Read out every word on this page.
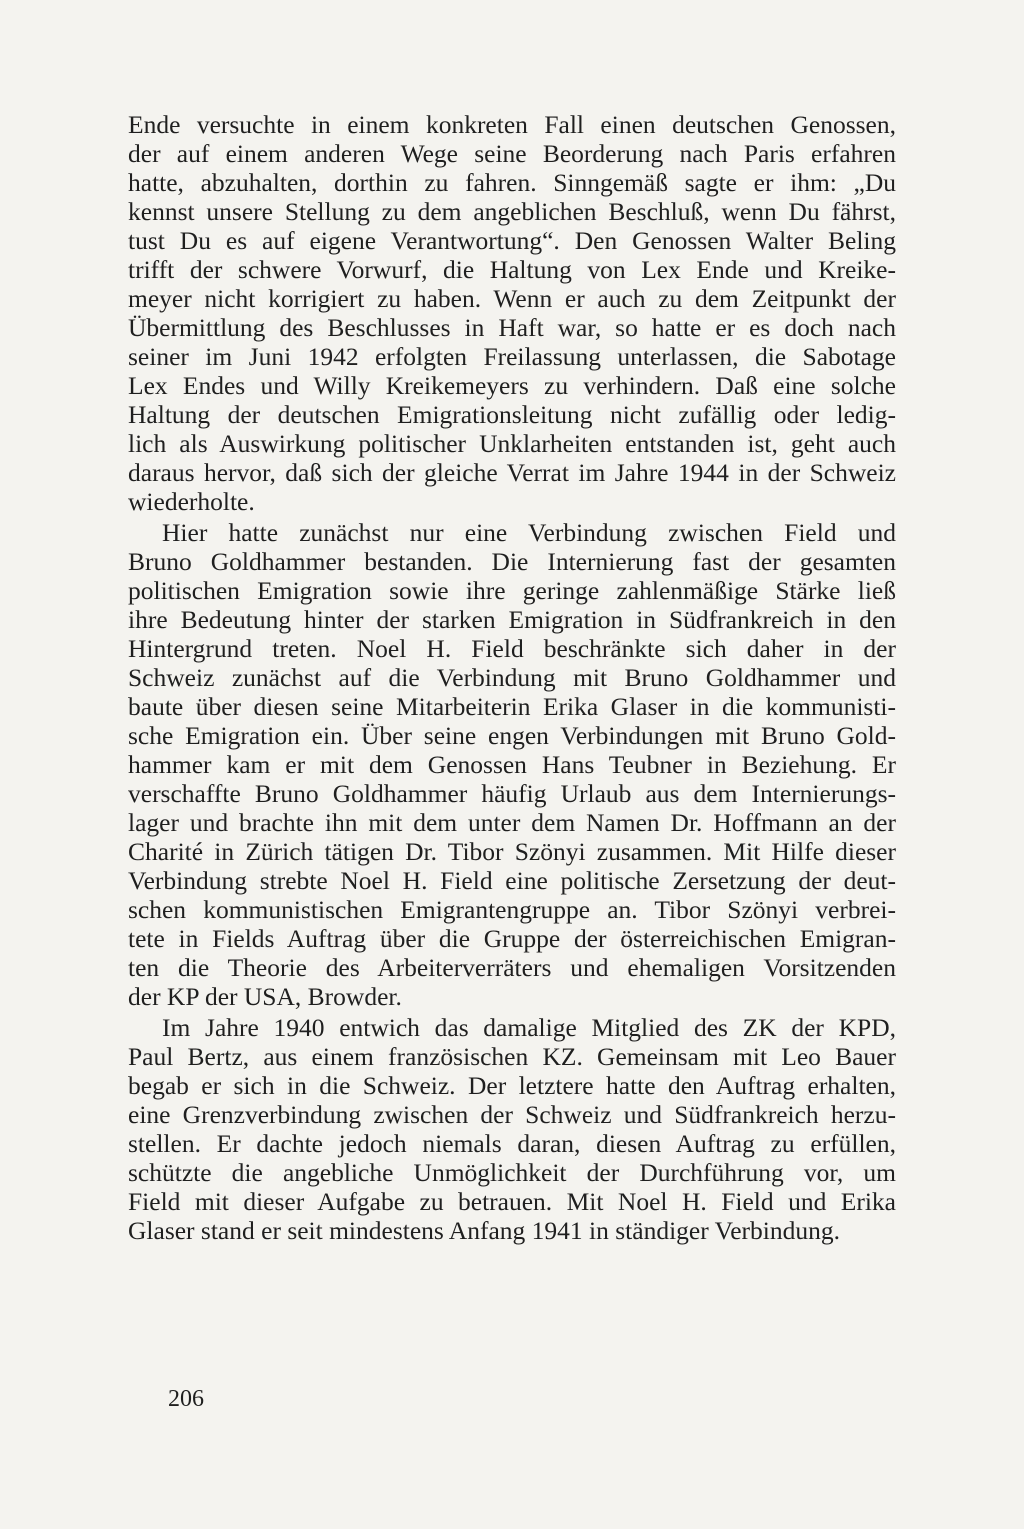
Ende versuchte in einem konkreten Fall einen deutschen Genossen,
der auf einem anderen Wege seine Beorderung nach Paris erfahren
hatte, abzuhalten, dorthin zu fahren. Sinngemäß sagte er ihm: „Du
kennst unsere Stellung zu dem angeblichen Beschluß, wenn Du fährst,
tust Du es auf eigene Verantwortung“. Den Genossen Walter Beling
trifft der schwere Vorwurf, die Haltung von Lex Ende und Kreike-
meyer nicht korrigiert zu haben. Wenn er auch zu dem Zeitpunkt der
Übermittlung des Beschlusses in Haft war, so hatte er es doch nach
seiner im Juni 1942 erfolgten Freilassung unterlassen, die Sabotage
Lex Endes und Willy Kreikemeyers zu verhindern. Daß eine solche
Haltung der deutschen Emigrationsleitung nicht zufällig oder ledig-
lich als Auswirkung politischer Unklarheiten entstanden ist, geht auch
daraus hervor, daß sich der gleiche Verrat im Jahre 1944 in der Schweiz
wiederholte.
Hier hatte zunächst nur eine Verbindung zwischen Field und
Bruno Goldhammer bestanden. Die Internierung fast der gesamten
politischen Emigration sowie ihre geringe zahlenmäßige Stärke ließ
ihre Bedeutung hinter der starken Emigration in Südfrankreich in den
Hintergrund treten. Noel H. Field beschränkte sich daher in der
Schweiz zunächst auf die Verbindung mit Bruno Goldhammer und
baute über diesen seine Mitarbeiterin Erika Glaser in die kommunisti-
sche Emigration ein. Über seine engen Verbindungen mit Bruno Gold-
hammer kam er mit dem Genossen Hans Teubner in Beziehung. Er
verschaffte Bruno Goldhammer häufig Urlaub aus dem Internierungs-
lager und brachte ihn mit dem unter dem Namen Dr. Hoffmann an der
Charité in Zürich tätigen Dr. Tibor Szönyi zusammen. Mit Hilfe dieser
Verbindung strebte Noel H. Field eine politische Zersetzung der deut-
schen kommunistischen Emigrantengruppe an. Tibor Szönyi verbrei-
tete in Fields Auftrag über die Gruppe der österreichischen Emigran-
ten die Theorie des Arbeiterverräters und ehemaligen Vorsitzenden
der KP der USA, Browder.
Im Jahre 1940 entwich das damalige Mitglied des ZK der KPD,
Paul Bertz, aus einem französischen KZ. Gemeinsam mit Leo Bauer
begab er sich in die Schweiz. Der letztere hatte den Auftrag erhalten,
eine Grenzverbindung zwischen der Schweiz und Südfrankreich herzu-
stellen. Er dachte jedoch niemals daran, diesen Auftrag zu erfüllen,
schützte die angebliche Unmöglichkeit der Durchführung vor, um
Field mit dieser Aufgabe zu betrauen. Mit Noel H. Field und Erika
Glaser stand er seit mindestens Anfang 1941 in ständiger Verbindung.
206
